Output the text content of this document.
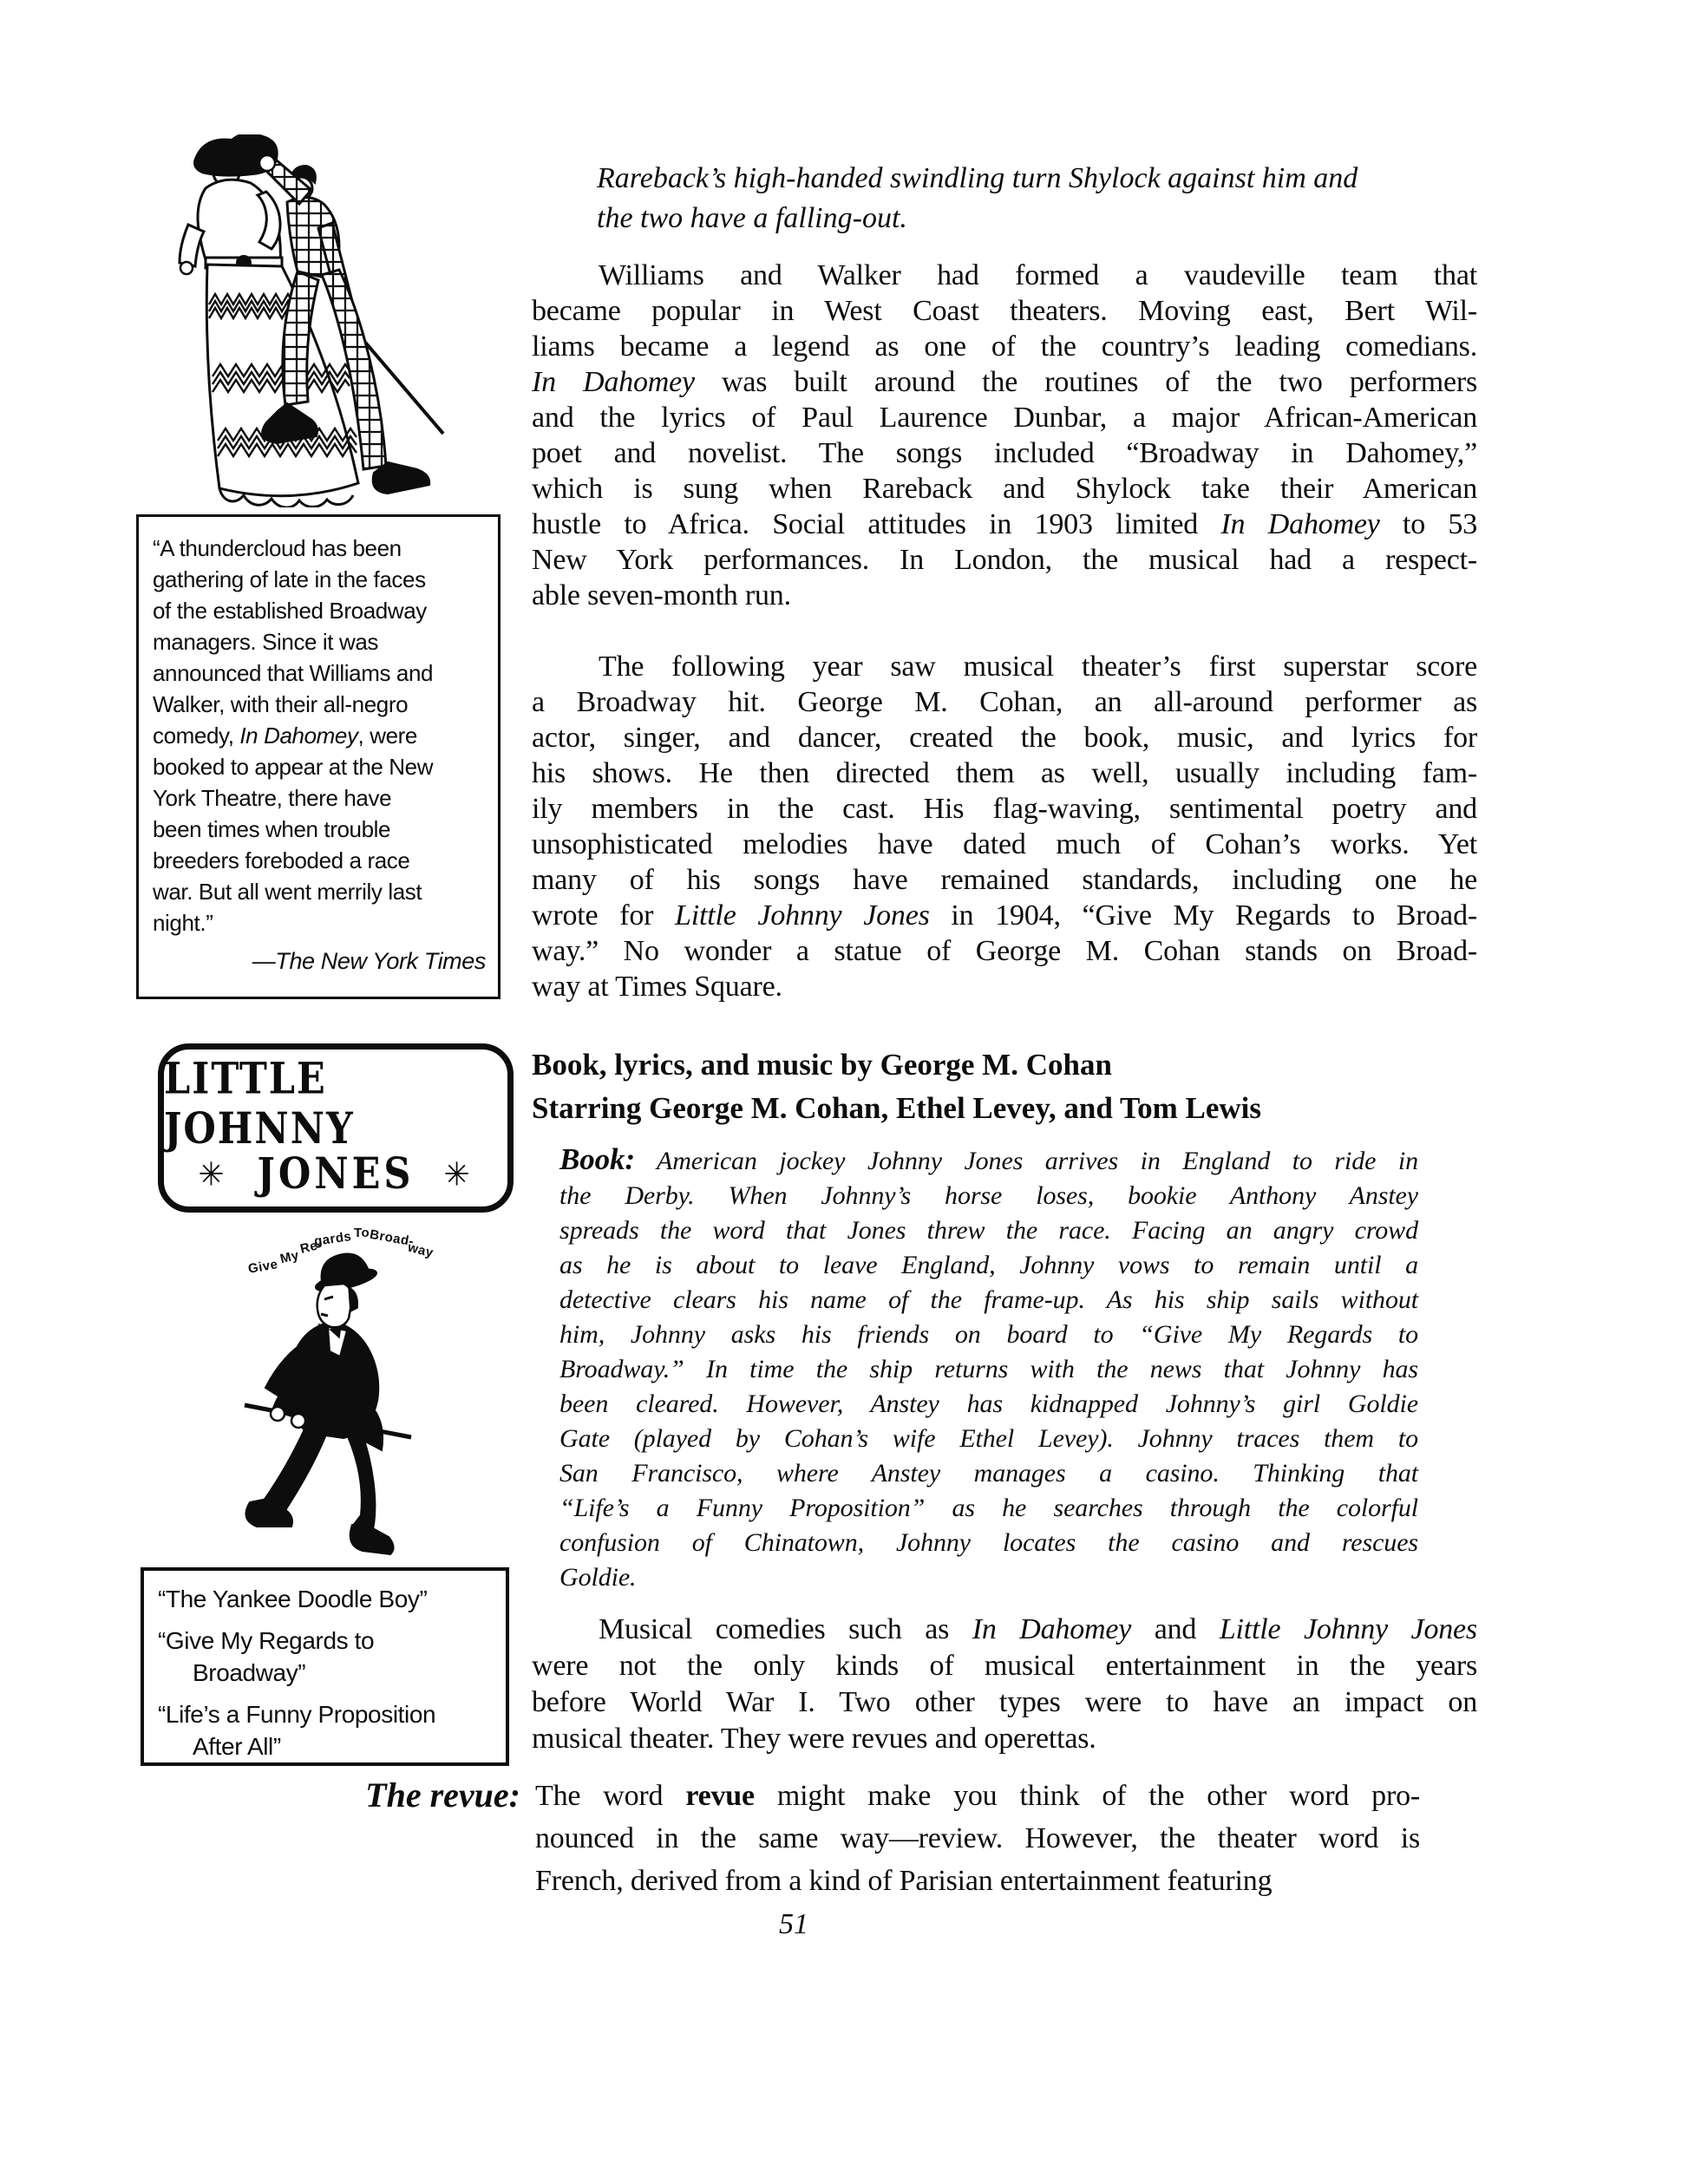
“A thundercloud has been
gathering of late in the faces
of the established Broadway
managers. Since it was
announced that Williams and
Walker, with their all-negro
comedy, In Dahomey, were
booked to appear at the New
York Theatre, there have
been times when trouble
breeders foreboded a race
war. But all went merrily last
night.”
—The New York Times
LITTLE JOHNNY
✳ JONES ✳
Give My
Re-
gards To
Broad-
way
“The Yankee Doodle Boy”
“Give My Regards to
Broadway”
“Life’s a Funny Proposition
After All”
Rareback’s high-handed swindling turn Shylock against him and
the two have a falling-out.
Williams and Walker had formed a vaudeville team that
became popular in West Coast theaters. Moving east, Bert Wil-
liams became a legend as one of the country’s leading comedians.
In Dahomey was built around the routines of the two performers
and the lyrics of Paul Laurence Dunbar, a major African-American
poet and novelist. The songs included “Broadway in Dahomey,”
which is sung when Rareback and Shylock take their American
hustle to Africa. Social attitudes in 1903 limited In Dahomey to 53
New York performances. In London, the musical had a respect-
able seven-month run.
The following year saw musical theater’s first superstar score
a Broadway hit. George M. Cohan, an all-around performer as
actor, singer, and dancer, created the book, music, and lyrics for
his shows. He then directed them as well, usually including fam-
ily members in the cast. His flag-waving, sentimental poetry and
unsophisticated melodies have dated much of Cohan’s works. Yet
many of his songs have remained standards, including one he
wrote for Little Johnny Jones in 1904, “Give My Regards to Broad-
way.” No wonder a statue of George M. Cohan stands on Broad-
way at Times Square.
Book, lyrics, and music by George M. Cohan
Starring George M. Cohan, Ethel Levey, and Tom Lewis
Book: American jockey Johnny Jones arrives in England to ride in
the Derby. When Johnny’s horse loses, bookie Anthony Anstey
spreads the word that Jones threw the race. Facing an angry crowd
as he is about to leave England, Johnny vows to remain until a
detective clears his name of the frame-up. As his ship sails without
him, Johnny asks his friends on board to “Give My Regards to
Broadway.” In time the ship returns with the news that Johnny has
been cleared. However, Anstey has kidnapped Johnny’s girl Goldie
Gate (played by Cohan’s wife Ethel Levey). Johnny traces them to
San Francisco, where Anstey manages a casino. Thinking that
“Life’s a Funny Proposition” as he searches through the colorful
confusion of Chinatown, Johnny locates the casino and rescues
Goldie.
Musical comedies such as In Dahomey and Little Johnny Jones
were not the only kinds of musical entertainment in the years
before World War I. Two other types were to have an impact on
musical theater. They were revues and operettas.
The revue: The word revue might make you think of the other word pro-
nounced in the same way—review. However, the theater word is
French, derived from a kind of Parisian entertainment featuring
51
